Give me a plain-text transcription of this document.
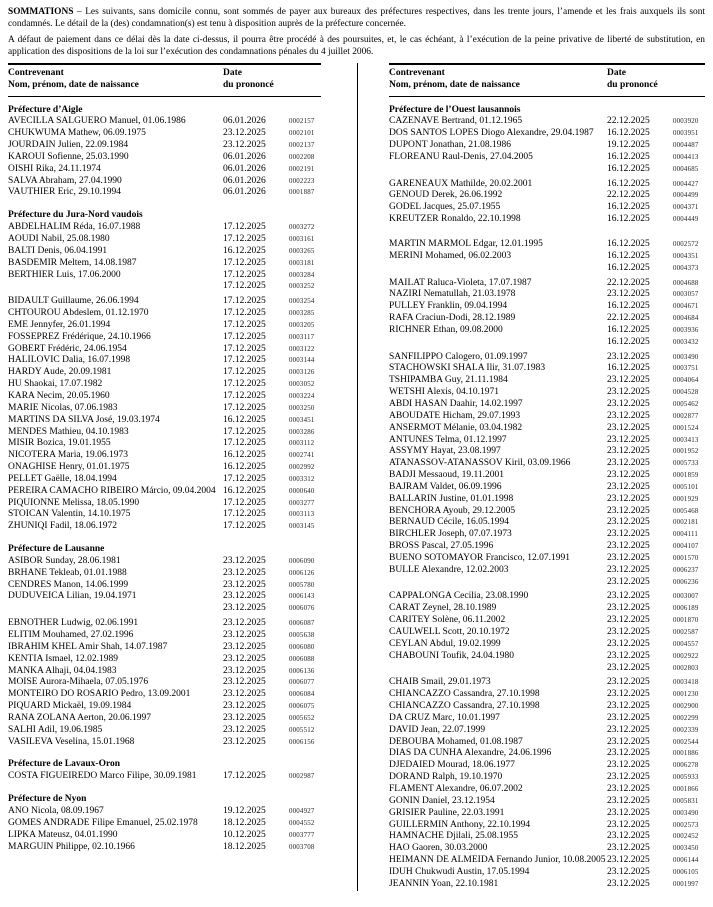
SOMMATIONS – Les suivants, sans domicile connu, sont sommés de payer aux bureaux des préfectures respectives, dans les trente jours, l’amende et les frais auxquels ils sont condamnés. Le détail de la (des) condamnation(s) est tenu à disposition auprès de la préfecture concernée.

A défaut de paiement dans ce délai dès la date ci-dessus, il pourra être procédé à des poursuites, et, le cas échéant, à l’exécution de la peine privative de liberté de substitution, en application des dispositions de la loi sur l’exécution des condamnations pénales du 4 juillet 2006.

Contrevenant
Nom, prénom, date de naissance
Date
du prononcé
Préfecture d’Aigle
AVECILLA SALGUERO Manuel, 01.06.1986	06.01.2026	0002157
CHUKWUMA Mathew, 06.09.1975	23.12.2025	0002101
JOURDAIN Julien, 22.09.1984	23.12.2025	0002137
KAROUI Sofienne, 25.03.1990	06.01.2026	0002208
OISHI Rika, 24.11.1974	06.01.2026	0002191
SALVA Abraham, 27.04.1990	06.01.2026	0002223
VAUTHIER Eric, 29.10.1994	06.01.2026	0001887
Préfecture du Jura-Nord vaudois
ABDELHALIM Réda, 16.07.1988	17.12.2025	0003272
AOUDI Nabil, 25.08.1980	17.12.2025	0003161
BALTI Denis, 06.04.1991	16.12.2025	0003265
BASDEMIR Meltem, 14.08.1987	17.12.2025	0003181
BERTHIER Luis, 17.06.2000	17.12.2025	0003284
17.12.2025	0003252
BIDAULT Guillaume, 26.06.1994	17.12.2025	0003254
CHTOUROU Abdeslem, 01.12.1970	17.12.2025	0003285
EME Jennyfer, 26.01.1994	17.12.2025	0003205
FOSSEPREZ Frédérique, 24.10.1966	17.12.2025	0003117
GOBERT Frédéric, 24.06.1954	17.12.2025	0003122
HALILOVIC Dalia, 16.07.1998	17.12.2025	0003144
HARDY Aude, 20.09.1981	17.12.2025	0003126
HU Shaokai, 17.07.1982	17.12.2025	0003052
KARA Necim, 20.05.1960	17.12.2025	0003224
MARIE Nicolas, 07.06.1983	17.12.2025	0003250
MARTINS DA SILVA José, 19.03.1974	16.12.2025	0003451
MENDES Mathieu, 04.10.1983	17.12.2025	0003286
MISIR Bozica, 19.01.1955	17.12.2025	0003112
NICOTERA Maria, 19.06.1973	16.12.2025	0002741
ONAGHISE Henry, 01.01.1975	16.12.2025	0002992
PELLET Gaëlle, 18.04.1994	17.12.2025	0003312
PEREIRA CAMACHO RIBEIRO Márcio, 09.04.2004 16.12.2025	0000640
PIQUIONNE Melissa, 18.05.1990	17.12.2025	0003277
STOICAN Valentin, 14.10.1975	17.12.2025	0003113
ZHUNIQI Fadil, 18.06.1972	17.12.2025	0003145
Préfecture de Lausanne
ASIBOR Sunday, 28.06.1981	23.12.2025	0006090
BRHANE Tekleab, 01.01.1988	23.12.2025	0006126
CENDRÈS Manon, 14.06.1999	23.12.2025	0005780
DUDUVEICA Lilian, 19.04.1971	23.12.2025	0006143
23.12.2025	0006076
EBNÖTHER Ludwig, 02.06.1991	23.12.2025	0006087
ELITIM Mouhamed, 27.02.1996	23.12.2025	0005638
IBRAHIM KHEL Amir Shah, 14.07.1987	23.12.2025	0006080
KENTIA Ismael, 12.02.1989	23.12.2025	0006088
MANKA Alhaji, 04.04.1983	23.12.2025	0006136
MOISE Aurora-Mihaela, 07.05.1976	23.12.2025	0006077
MONTEIRO DO ROSARIO Pedro, 13.09.2001	23.12.2025	0006084
PIQUARD Mickaël, 19.09.1984	23.12.2025	0006075
RANA ZOLANA Aerton, 20.06.1997	23.12.2025	0005652
SALHI Adil, 19.06.1985	23.12.2025	0005512
VASILEVA Veselina, 15.01.1968	23.12.2025	0006156
Préfecture de Lavaux-Oron
COSTA FIGUEIREDO Marco Filipe, 30.09.1981	17.12.2025	0002987
Préfecture de Nyon
ANO Nicola, 08.09.1967	19.12.2025	0004927
GOMES ANDRADE Filipe Emanuel, 25.02.1978	18.12.2025	0004552
LIPKA Mateusz, 04.01.1990	10.12.2025	0003777
MARGUIN Philippe, 02.10.1966	18.12.2025	0003708
Contrevenant
Nom, prénom, date de naissance
Date
du prononcé
Préfecture de l’Ouest lausannois
CAZENAVE Bertrand, 01.12.1965	22.12.2025	0003920
DOS SANTOS LOPES Diogo Alexandre, 29.04.1987	16.12.2025	0003951
DUPONT Jonathan, 21.08.1986	19.12.2025	0004487
FLOREANU Raul-Denis, 27.04.2005	16.12.2025	0004413
16.12.2025	0004685
GARÉNEAUX Mathilde, 20.02.2001	16.12.2025	0004427
GENOUD Derek, 26.06.1992	22.12.2025	0004499
GODEL Jacques, 25.07.1955	16.12.2025	0004371
KREUTZER Ronaldo, 22.10.1998	16.12.2025	0004449
MARTIN MARMOL Edgar, 12.01.1995	16.12.2025	0002572
MERINI Mohamed, 06.02.2003	16.12.2025	0004351
16.12.2025	0004373
MAILAT Raluca-Violeta, 17.07.1987	22.12.2025	0004688
NAZIRI Nematullah, 21.03.1978	23.12.2025	0003057
PULLEY Franklin, 09.04.1994	16.12.2025	0004671
RAFA Craciun-Dodi, 28.12.1989	22.12.2025	0004684
RICHNER Ethan, 09.08.2000	16.12.2025	0003936
16.12.2025	0003432
SANFILIPPO Calogero, 01.09.1997	23.12.2025	0003490
STACHOWSKI SHALA Ilir, 31.07.1983	16.12.2025	0003751
TSHIPAMBA Guy, 21.11.1984	23.12.2025	0004064
WETSHI Alexis, 04.10.1971	23.12.2025	0004528
ABDI HASAN Daahir, 14.02.1997	23.12.2025	0005462
ABOUDATE Hicham, 29.07.1993	23.12.2025	0002877
ANSERMOT Mélanie, 03.04.1982	23.12.2025	0001524
ANTUNES Telma, 01.12.1997	23.12.2025	0003413
ASSYMY Hayat, 23.08.1997	23.12.2025	0001952
ATANASSOV-ATANASSOV Kiril, 03.09.1966	23.12.2025	0005733
BADJI Messaoud, 19.11.2001	23.12.2025	0001859
BAJRAM Valdet, 06.09.1996	23.12.2025	0005101
BALLARIN Justine, 01.01.1998	23.12.2025	0001929
BENCHORA Ayoub, 29.12.2005	23.12.2025	0005468
BERNAUD Cécile, 16.05.1994	23.12.2025	0002181
BIRCHLER Joseph, 07.07.1973	23.12.2025	0004111
BROSS Pascal, 27.05.1996	23.12.2025	0004107
BUENO SOTOMAYOR Francisco, 12.07.1991	23.12.2025	0001570
BULLE Alexandre, 12.02.2003	23.12.2025	0006237
23.12.2025	0006236
CAPPALONGA Cecilia, 23.08.1990	23.12.2025	0003007
CARAT Zeynel, 28.10.1989	23.12.2025	0006189
CARITEY Solène, 06.11.2002	23.12.2025	0001870
CAULWELL Scott, 20.10.1972	23.12.2025	0002587
CEYLAN Abdul, 19.02.1999	23.12.2025	0004557
CHABOUNI Toufik, 24.04.1980	23.12.2025	0002922
23.12.2025	0002803
CHAIB Smail, 29.01.1973	23.12.2025	0003418
CHIANCAZZO Cassandra, 27.10.1998	23.12.2025	0001230
CHIANCAZZO Cassandra, 27.10.1998	23.12.2025	0002900
DA CRUZ Marc, 10.01.1997	23.12.2025	0002299
DAVID Jean, 22.07.1999	23.12.2025	0002339
DEBOUBA Mohamed, 01.08.1987	23.12.2025	0002544
DIAS DA CUNHA Alexandre, 24.06.1996	23.12.2025	0001886
DJEDAIED Mourad, 18.06.1977	23.12.2025	0006278
DORAND Ralph, 19.10.1970	23.12.2025	0005933
FLAMENT Alexandre, 06.07.2002	23.12.2025	0001866
GONIN Daniel, 23.12.1954	23.12.2025	0005831
GRISIER Pauline, 22.03.1991	23.12.2025	0003490
GUILLERMIN Anthony, 22.10.1994	23.12.2025	0002573
HAMNACHE Djilali, 25.08.1955	23.12.2025	0002452
HAO Gaoren, 30.03.2000	23.12.2025	0003450
HEIMANN DE ALMEIDA Fernando Junior, 10.08.2005 23.12.2025	0006144
IDUH Chukwudi Austin, 17.05.1994	23.12.2025	0006105
JEANNIN Yoan, 22.10.1981	23.12.2025	0001997
